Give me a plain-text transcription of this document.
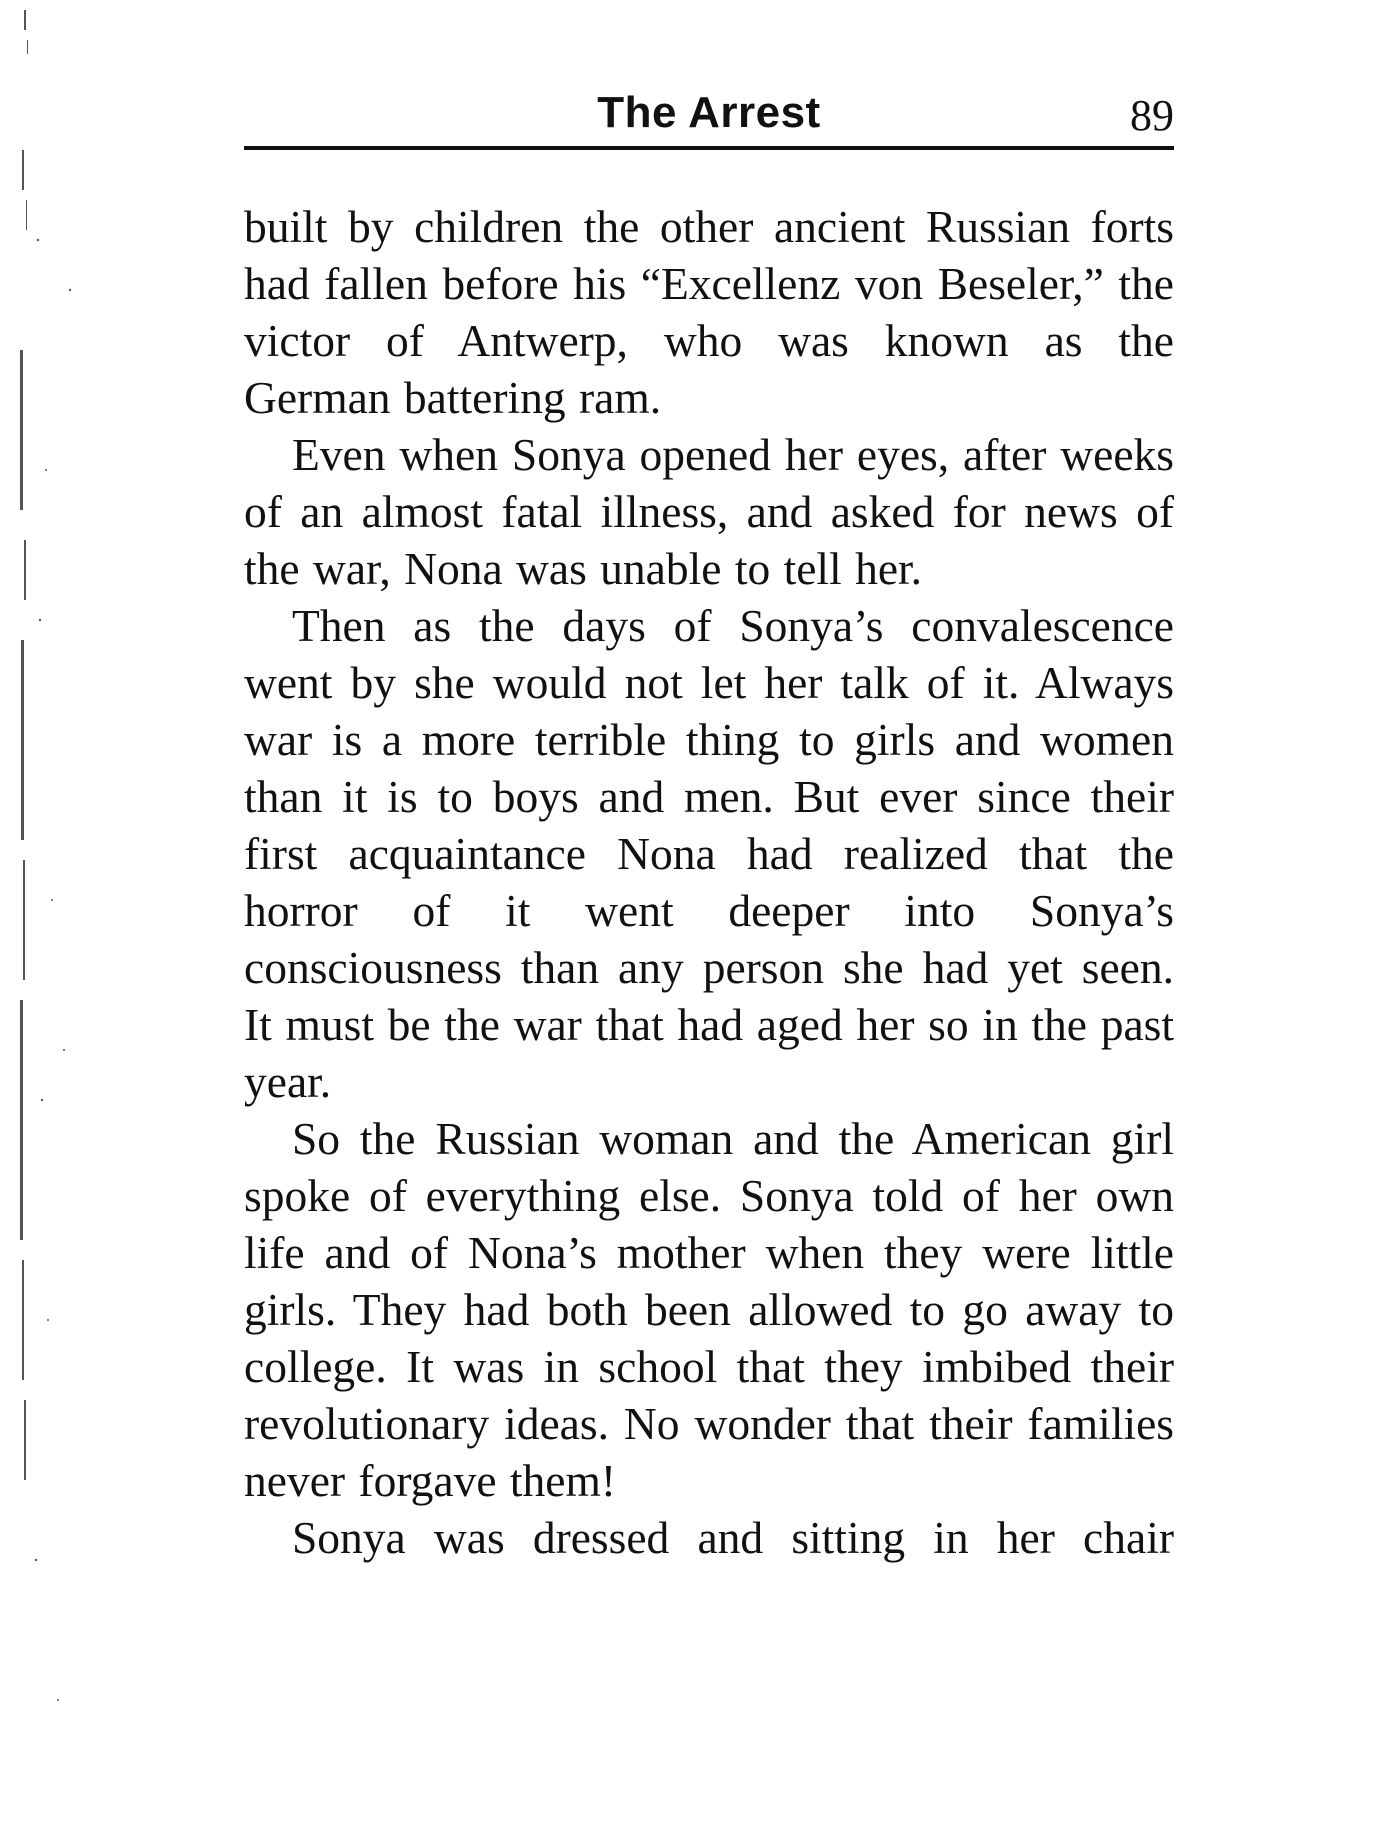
The Arrest	89

built by children the other ancient Russian forts had fallen before his “Excellenz von Beseler,” the victor of Antwerp, who was known as the German battering ram.

Even when Sonya opened her eyes, after weeks of an almost fatal illness, and asked for news of the war, Nona was unable to tell her.

Then as the days of Sonya’s convalescence went by she would not let her talk of it. Always war is a more terrible thing to girls and women than it is to boys and men. But ever since their first acquaintance Nona had realized that the horror of it went deeper into Sonya’s consciousness than any person she had yet seen. It must be the war that had aged her so in the past year.

So the Russian woman and the American girl spoke of everything else. Sonya told of her own life and of Nona’s mother when they were little girls. They had both been allowed to go away to college. It was in school that they imbibed their revolutionary ideas. No wonder that their families never forgave them!

Sonya was dressed and sitting in her chair
